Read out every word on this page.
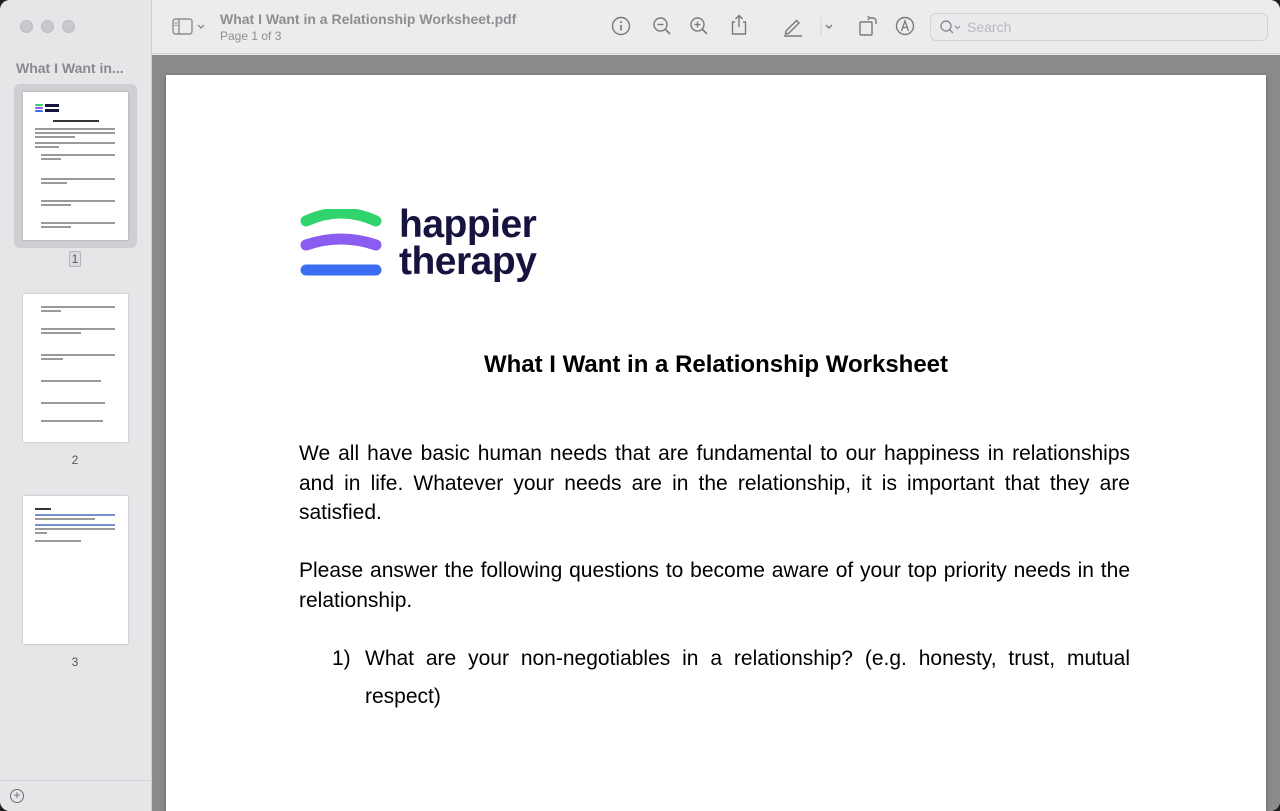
What I Want in...
1
2
3
+
What I Want in a Relationship Worksheet.pdf
Page 1 of 3
Search
happier
therapy
What I Want in a Relationship Worksheet
We all have basic human needs that are fundamental to our happiness in relationships and in life. Whatever your needs are in the relationship, it is important that they are satisfied.
Please answer the following questions to become aware of your top priority needs in the relationship.
1) What are your non-negotiables in a relationship? (e.g. honesty, trust, mutual respect)
